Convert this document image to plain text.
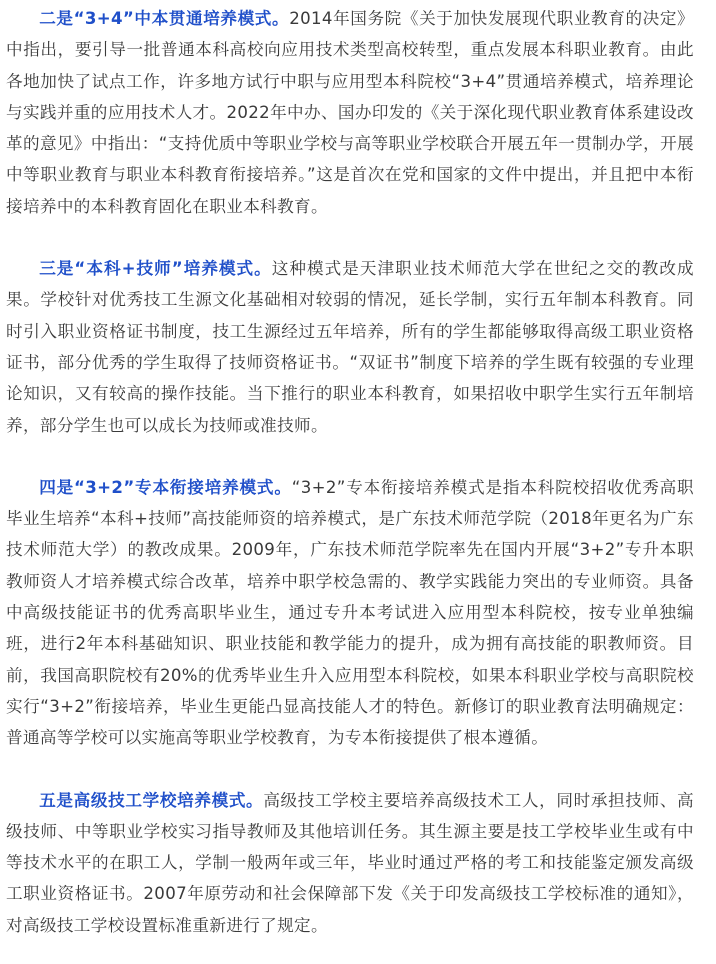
二是“3+4”中本贯通培养模式。2014年国务院《关于加快发展现代职业教育的决定》中指出，要引导一批普通本科高校向应用技术类型高校转型，重点发展本科职业教育。由此各地加快了试点工作，许多地方试行中职与应用型本科院校“3+4”贯通培养模式，培养理论与实践并重的应用技术人才。2022年中办、国办印发的《关于深化现代职业教育体系建设改革的意见》中指出：“支持优质中等职业学校与高等职业学校联合开展五年一贯制办学，开展中等职业教育与职业本科教育衔接培养。”这是首次在党和国家的文件中提出，并且把中本衔接培养中的本科教育固化在职业本科教育。

三是“本科+技师”培养模式。这种模式是天津职业技术师范大学在世纪之交的教改成果。学校针对优秀技工生源文化基础相对较弱的情况，延长学制，实行五年制本科教育。同时引入职业资格证书制度，技工生源经过五年培养，所有的学生都能够取得高级工职业资格证书，部分优秀的学生取得了技师资格证书。“双证书”制度下培养的学生既有较强的专业理论知识，又有较高的操作技能。当下推行的职业本科教育，如果招收中职学生实行五年制培养，部分学生也可以成长为技师或准技师。

四是“3+2”专本衔接培养模式。“3+2”专本衔接培养模式是指本科院校招收优秀高职毕业生培养“本科+技师”高技能师资的培养模式，是广东技术师范学院（2018年更名为广东技术师范大学）的教改成果。2009年，广东技术师范学院率先在国内开展“3+2”专升本职教师资人才培养模式综合改革，培养中职学校急需的、教学实践能力突出的专业师资。具备中高级技能证书的优秀高职毕业生，通过专升本考试进入应用型本科院校，按专业单独编班，进行2年本科基础知识、职业技能和教学能力的提升，成为拥有高技能的职教师资。目前，我国高职院校有20%的优秀毕业生升入应用型本科院校，如果本科职业学校与高职院校实行“3+2”衔接培养，毕业生更能凸显高技能人才的特色。新修订的职业教育法明确规定：普通高等学校可以实施高等职业学校教育，为专本衔接提供了根本遵循。

五是高级技工学校培养模式。高级技工学校主要培养高级技术工人，同时承担技师、高级技师、中等职业学校实习指导教师及其他培训任务。其生源主要是技工学校毕业生或有中等技术水平的在职工人，学制一般两年或三年，毕业时通过严格的考工和技能鉴定颁发高级工职业资格证书。2007年原劳动和社会保障部下发《关于印发高级技工学校标准的通知》，对高级技工学校设置标准重新进行了规定。
